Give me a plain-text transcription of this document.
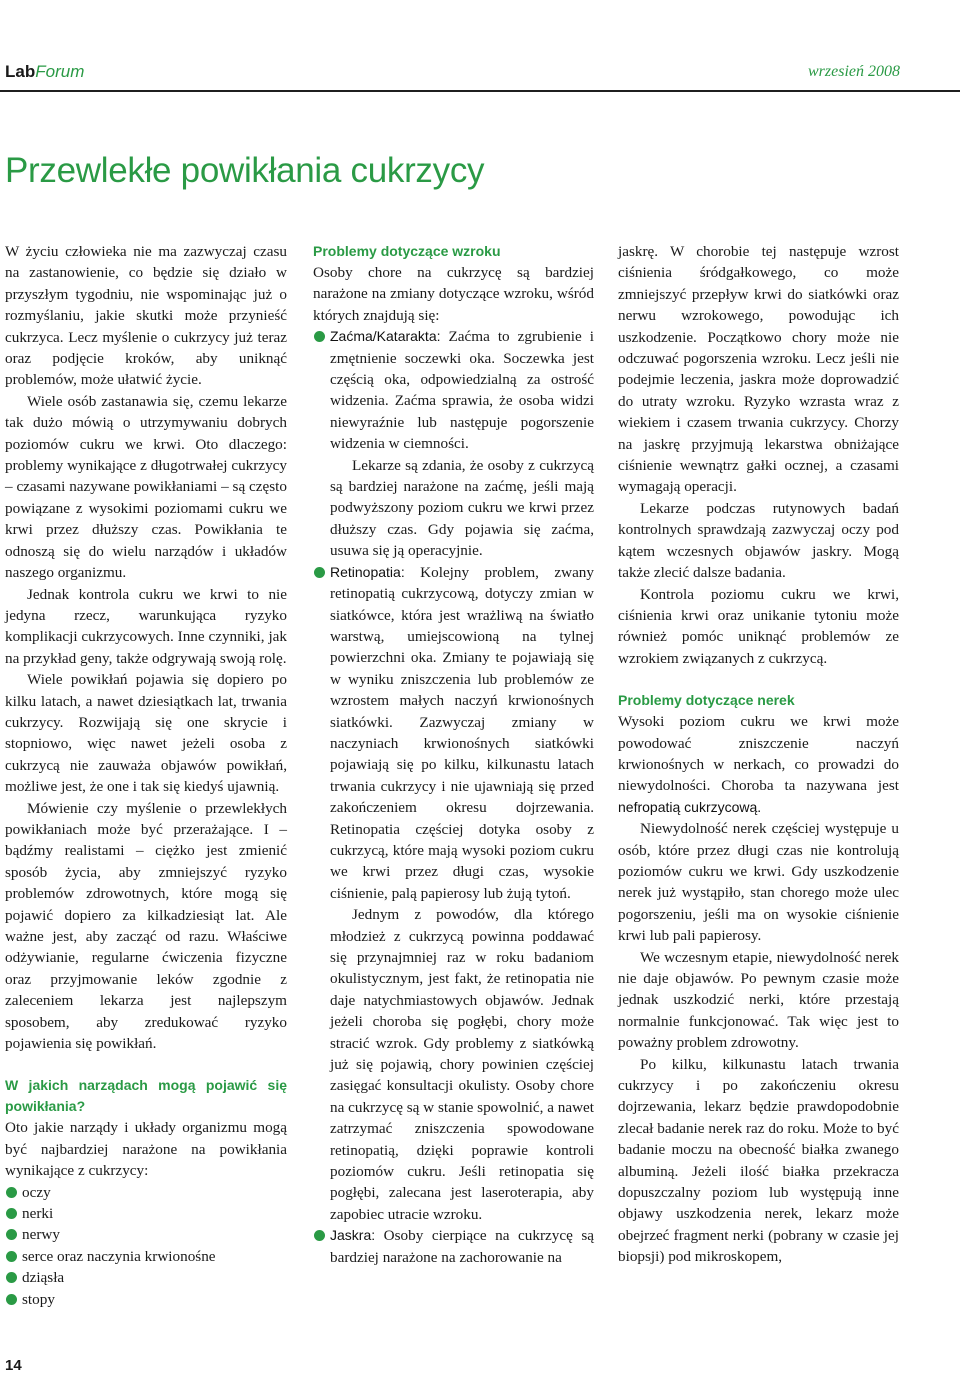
LabForum	wrzesień 2008
Przewlekłe powikłania cukrzycy

W życiu człowieka nie ma zazwyczaj czasu na zastanowienie, co będzie się działo w przyszłym tygodniu, nie wspominając już o rozmyślaniu, jakie skutki może przynieść cukrzyca. Lecz myślenie o cukrzycy już teraz oraz podjęcie kroków, aby uniknąć problemów, może ułatwić życie.

Wiele osób zastanawia się, czemu lekarze tak dużo mówią o utrzymywaniu dobrych poziomów cukru we krwi. Oto dlaczego: problemy wynikające z długotrwałej cukrzycy – czasami nazywane powikłaniami – są często powiązane z wysokimi poziomami cukru we krwi przez dłuższy czas. Powikłania te odnoszą się do wielu narządów i układów naszego organizmu.

Jednak kontrola cukru we krwi to nie jedyna rzecz, warunkująca ryzyko komplikacji cukrzycowych. Inne czynniki, jak na przykład geny, także odgrywają swoją rolę.

Wiele powikłań pojawia się dopiero po kilku latach, a nawet dziesiątkach lat, trwania cukrzycy. Rozwijają się one skrycie i stopniowo, więc nawet jeżeli osoba z cukrzycą nie zauważa objawów powikłań, możliwe jest, że one i tak się kiedyś ujawnią.

Mówienie czy myślenie o przewlekłych powikłaniach może być przerażające. I – bądźmy realistami – ciężko jest zmienić sposób życia, aby zmniejszyć ryzyko problemów zdrowotnych, które mogą się pojawić dopiero za kilkadziesiąt lat. Ale ważne jest, aby zacząć od razu. Właściwe odżywianie, regularne ćwiczenia fizyczne oraz przyjmowanie leków zgodnie z zaleceniem lekarza jest najlepszym sposobem, aby zredukować ryzyko pojawienia się powikłań.

W jakich narządach mogą pojawić się powikłania?

Oto jakie narządy i układy organizmu mogą być najbardziej narażone na powikłania wynikające z cukrzycy:

oczy
nerki
nerwy
serce oraz naczynia krwionośne
dziąsła
stopy
Problemy dotyczące wzroku

Osoby chore na cukrzycę są bardziej narażone na zmiany dotyczące wzroku, wśród których znajdują się:

Zaćma/Katarakta: Zaćma to zgrubienie i zmętnienie soczewki oka. Soczewka jest częścią oka, odpowiedzialną za ostrość widzenia. Zaćma sprawia, że osoba widzi niewyraźnie lub następuje pogorszenie widzenia w ciemności.

Lekarze są zdania, że osoby z cukrzycą są bardziej narażone na zaćmę, jeśli mają podwyższony poziom cukru we krwi przez dłuższy czas. Gdy pojawia się zaćma, usuwa się ją operacyjnie.

Retinopatia: Kolejny problem, zwany retinopatią cukrzycową, dotyczy zmian w siatkówce, która jest wrażliwą na światło warstwą, umiejscowioną na tylnej powierzchni oka. Zmiany te pojawiają się w wyniku zniszczenia lub problemów ze wzrostem małych naczyń krwionośnych siatkówki. Zazwyczaj zmiany w naczyniach krwionośnych siatkówki pojawiają się po kilku, kilkunastu latach trwania cukrzycy i nie ujawniają się przed zakończeniem okresu dojrzewania. Retinopatia częściej dotyka osoby z cukrzycą, które mają wysoki poziom cukru we krwi przez długi czas, wysokie ciśnienie, palą papierosy lub żują tytoń.

Jednym z powodów, dla którego młodzież z cukrzycą powinna poddawać się przynajmniej raz w roku badaniom okulistycznym, jest fakt, że retinopatia nie daje natychmiastowych objawów. Jednak jeżeli choroba się pogłębi, chory może stracić wzrok. Gdy problemy z siatkówką już się pojawią, chory powinien częściej zasięgać konsultacji okulisty. Osoby chore na cukrzycę są w stanie spowolnić, a nawet zatrzymać zniszczenia spowodowane retinopatią, dzięki poprawie kontroli poziomów cukru. Jeśli retinopatia się pogłębi, zalecana jest laseroterapia, aby zapobiec utracie wzroku.

Jaskra: Osoby cierpiące na cukrzycę są bardziej narażone na zachorowanie na

jaskrę. W chorobie tej następuje wzrost ciśnienia śródgałkowego, co może zmniejszyć przepływ krwi do siatkówki oraz nerwu wzrokowego, powodując ich uszkodzenie. Początkowo chory może nie odczuwać pogorszenia wzroku. Lecz jeśli nie podejmie leczenia, jaskra może doprowadzić do utraty wzroku. Ryzyko wzrasta wraz z wiekiem i czasem trwania cukrzycy. Chorzy na jaskrę przyjmują lekarstwa obniżające ciśnienie wewnątrz gałki ocznej, a czasami wymagają operacji.

Lekarze podczas rutynowych badań kontrolnych sprawdzają zazwyczaj oczy pod kątem wczesnych objawów jaskry. Mogą także zlecić dalsze badania.

Kontrola poziomu cukru we krwi, ciśnienia krwi oraz unikanie tytoniu może również pomóc uniknąć problemów ze wzrokiem związanych z cukrzycą.

Problemy dotyczące nerek

Wysoki poziom cukru we krwi może powodować zniszczenie naczyń krwionośnych w nerkach, co prowadzi do niewydolności. Choroba ta nazywana jest nefropatią cukrzycową.

Niewydolność nerek częściej występuje u osób, które przez długi czas nie kontrolują poziomów cukru we krwi. Gdy uszkodzenie nerek już wystąpiło, stan chorego może ulec pogorszeniu, jeśli ma on wysokie ciśnienie krwi lub pali papierosy.

We wczesnym etapie, niewydolność nerek nie daje objawów. Po pewnym czasie może jednak uszkodzić nerki, które przestają normalnie funkcjonować. Tak więc jest to poważny problem zdrowotny.

Po kilku, kilkunastu latach trwania cukrzycy i po zakończeniu okresu dojrzewania, lekarz będzie prawdopodobnie zlecał badanie nerek raz do roku. Może to być badanie moczu na obecność białka zwanego albuminą. Jeżeli ilość białka przekracza dopuszczalny poziom lub występują inne objawy uszkodzenia nerek, lekarz może obejrzeć fragment nerki (pobrany w czasie jej biopsji) pod mikroskopem,

14
